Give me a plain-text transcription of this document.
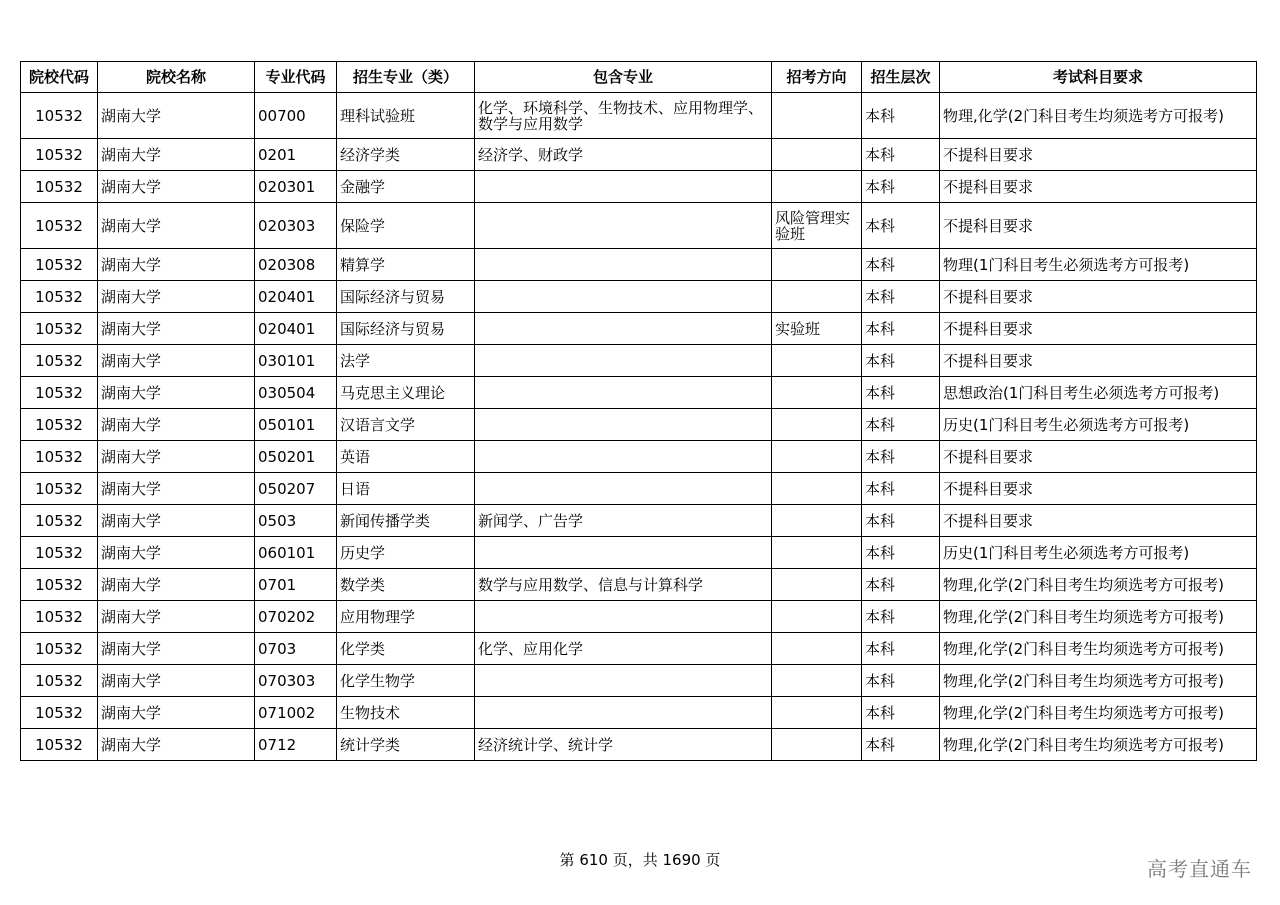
院校代码	院校名称	专业代码	招生专业（类）	包含专业	招考方向	招生层次	考试科目要求
10532	湖南大学	00700	理科试验班	化学、环境科学、生物技术、应用物理学、数学与应用数学		本科	物理,化学(2门科目考生均须选考方可报考)
10532	湖南大学	0201	经济学类	经济学、财政学		本科	不提科目要求
10532	湖南大学	020301	金融学			本科	不提科目要求
10532	湖南大学	020303	保险学		风险管理实验班	本科	不提科目要求
10532	湖南大学	020308	精算学			本科	物理(1门科目考生必须选考方可报考)
10532	湖南大学	020401	国际经济与贸易			本科	不提科目要求
10532	湖南大学	020401	国际经济与贸易		实验班	本科	不提科目要求
10532	湖南大学	030101	法学			本科	不提科目要求
10532	湖南大学	030504	马克思主义理论			本科	思想政治(1门科目考生必须选考方可报考)
10532	湖南大学	050101	汉语言文学			本科	历史(1门科目考生必须选考方可报考)
10532	湖南大学	050201	英语			本科	不提科目要求
10532	湖南大学	050207	日语			本科	不提科目要求
10532	湖南大学	0503	新闻传播学类	新闻学、广告学		本科	不提科目要求
10532	湖南大学	060101	历史学			本科	历史(1门科目考生必须选考方可报考)
10532	湖南大学	0701	数学类	数学与应用数学、信息与计算科学		本科	物理,化学(2门科目考生均须选考方可报考)
10532	湖南大学	070202	应用物理学			本科	物理,化学(2门科目考生均须选考方可报考)
10532	湖南大学	0703	化学类	化学、应用化学		本科	物理,化学(2门科目考生均须选考方可报考)
10532	湖南大学	070303	化学生物学			本科	物理,化学(2门科目考生均须选考方可报考)
10532	湖南大学	071002	生物技术			本科	物理,化学(2门科目考生均须选考方可报考)
10532	湖南大学	0712	统计学类	经济统计学、统计学		本科	物理,化学(2门科目考生均须选考方可报考)
第 610 页，共 1690 页	高考直通车
